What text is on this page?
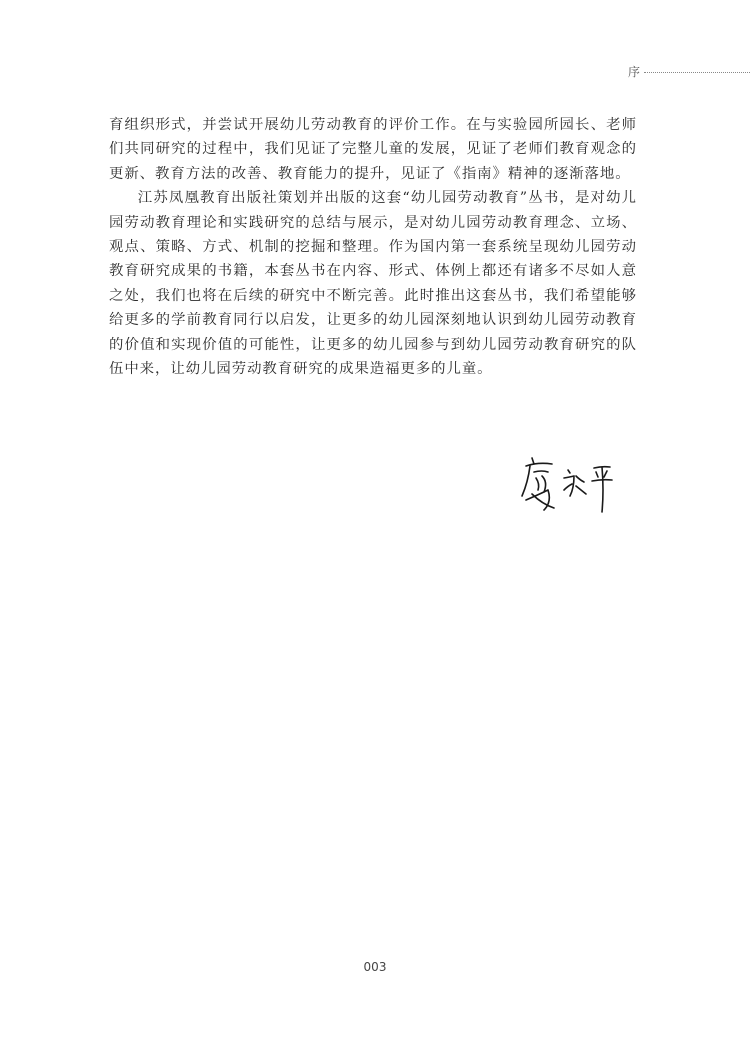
序

育组织形式，并尝试开展幼儿劳动教育的评价工作。在与实验园所园长、老师们共同研究的过程中，我们见证了完整儿童的发展，见证了老师们教育观念的更新、教育方法的改善、教育能力的提升，见证了《指南》精神的逐渐落地。

江苏凤凰教育出版社策划并出版的这套“幼儿园劳动教育”丛书，是对幼儿园劳动教育理论和实践研究的总结与展示，是对幼儿园劳动教育理念、立场、观点、策略、方式、机制的挖掘和整理。作为国内第一套系统呈现幼儿园劳动教育研究成果的书籍，本套丛书在内容、形式、体例上都还有诸多不尽如人意之处，我们也将在后续的研究中不断完善。此时推出这套丛书，我们希望能够给更多的学前教育同行以启发，让更多的幼儿园深刻地认识到幼儿园劳动教育的价值和实现价值的可能性，让更多的幼儿园参与到幼儿园劳动教育研究的队伍中来，让幼儿园劳动教育研究的成果造福更多的儿童。

003
